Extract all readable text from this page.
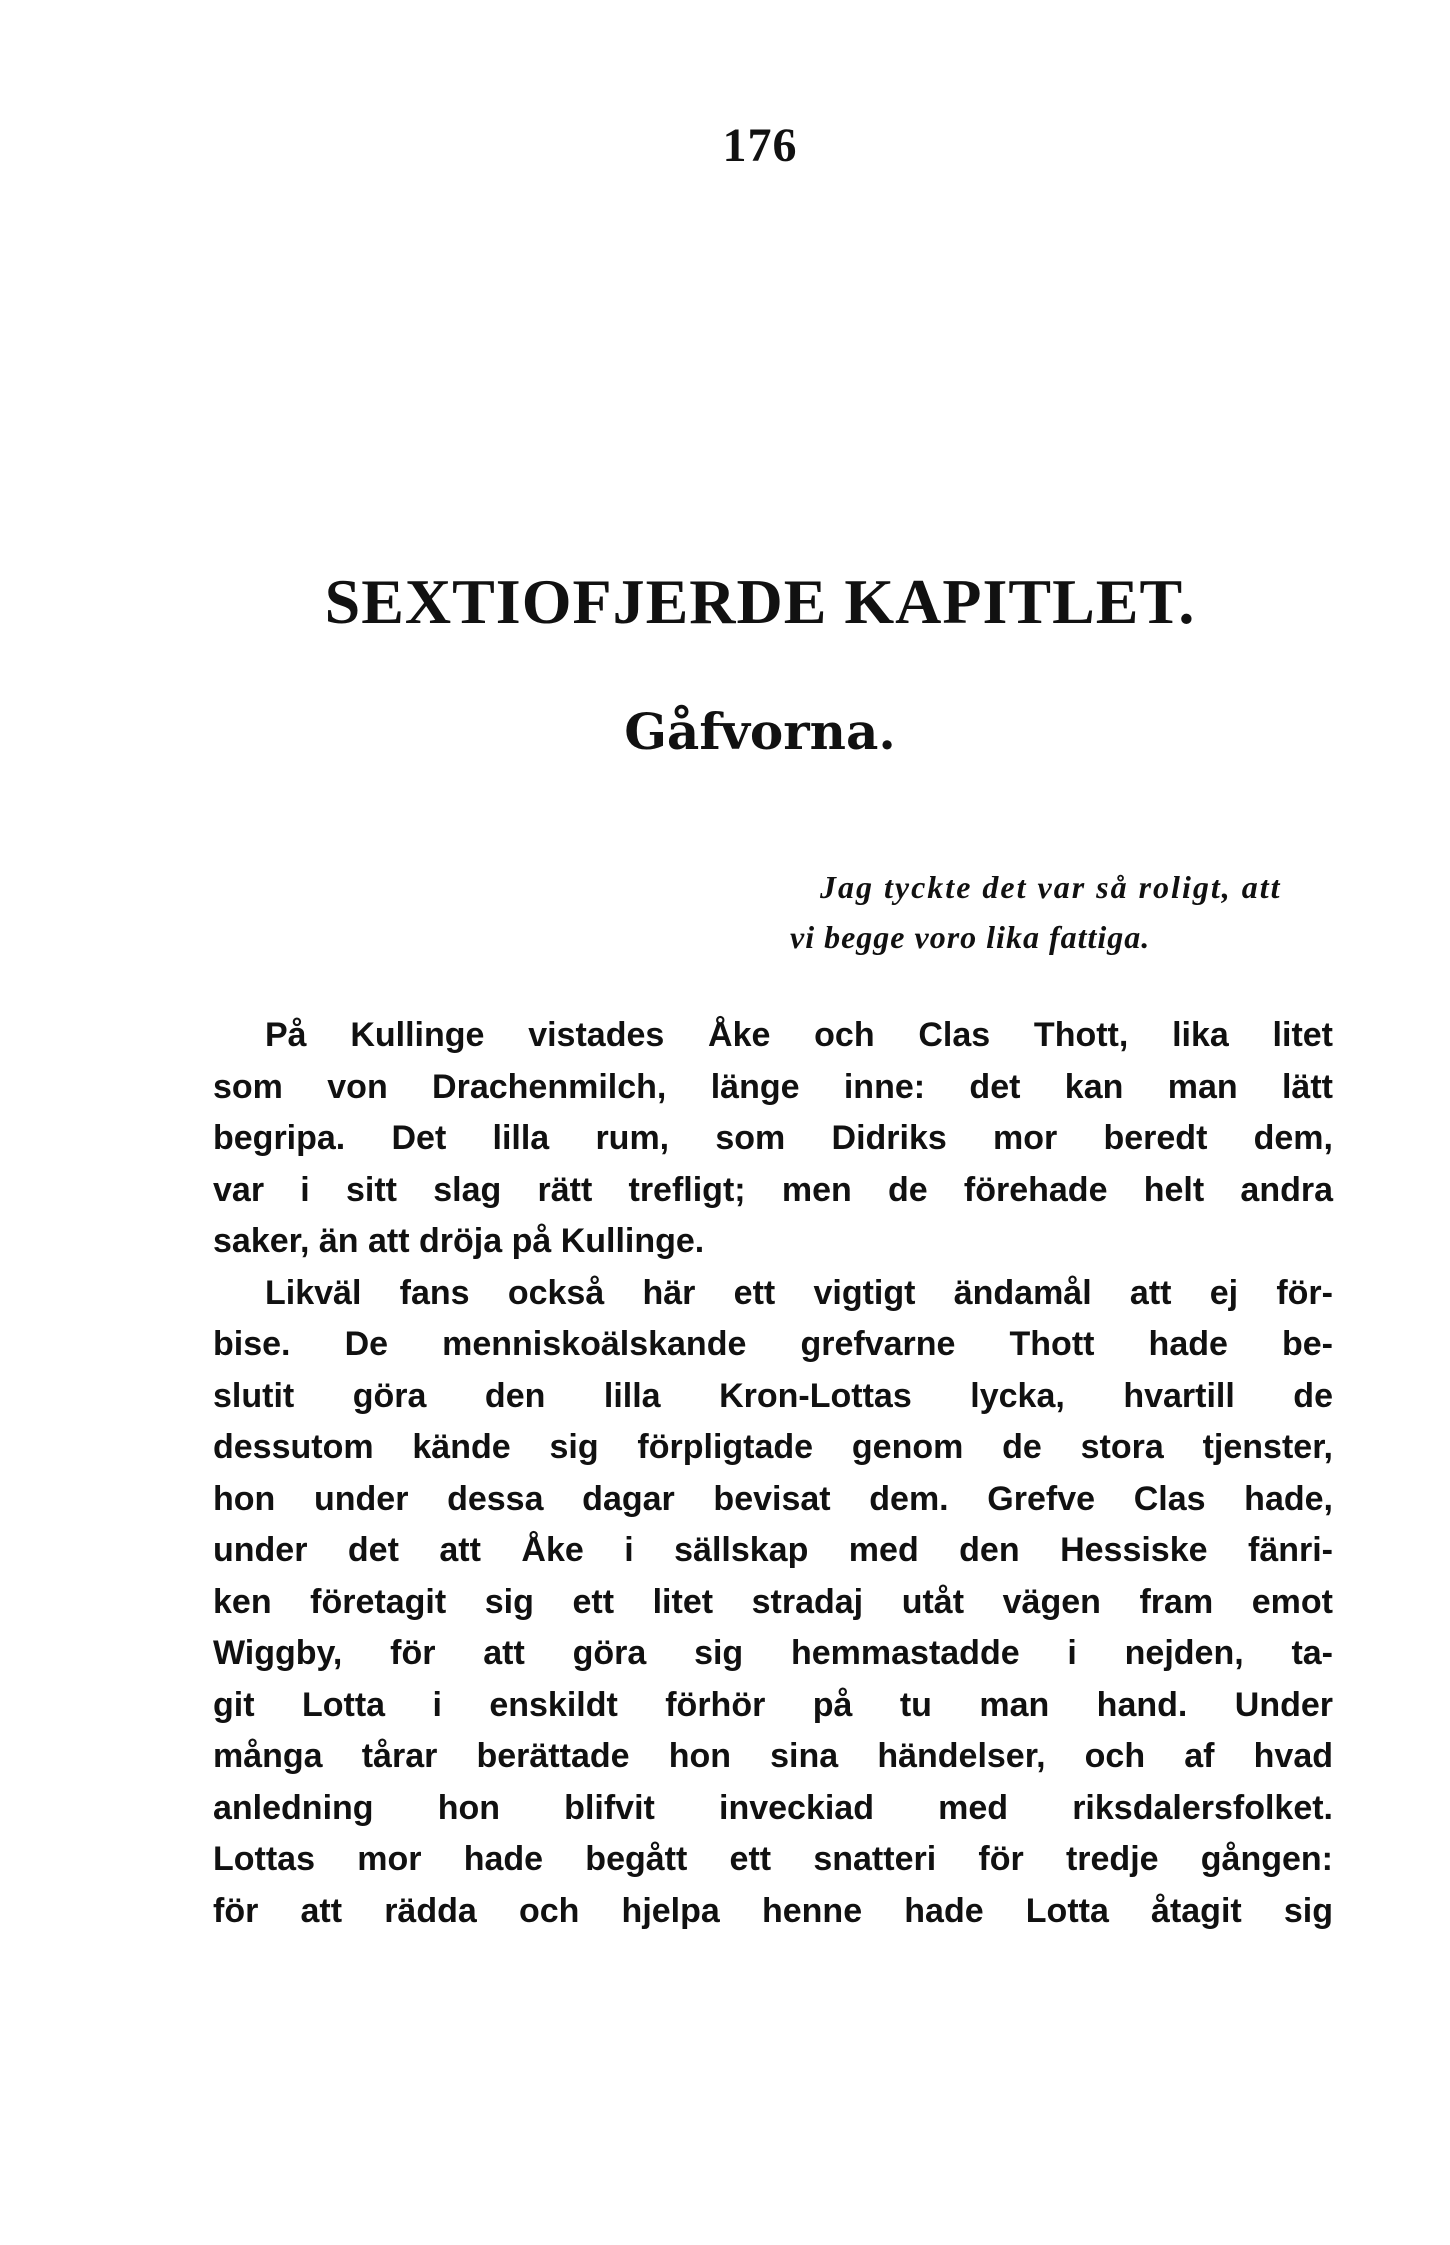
176
SEXTIOFJERDE KAPITLET.
Gåfvorna.
Jag tyckte det var så roligt, att
vi begge voro lika fattiga.
På Kullinge vistades Åke och Clas Thott, lika litet
som von Drachenmilch, länge inne: det kan man lätt
begripa. Det lilla rum, som Didriks mor beredt dem,
var i sitt slag rätt trefligt; men de förehade helt andra
saker, än att dröja på Kullinge.
Likväl fans också här ett vigtigt ändamål att ej för-
bise. De menniskoälskande grefvarne Thott hade be-
slutit göra den lilla Kron-Lottas lycka, hvartill de
dessutom kände sig förpligtade genom de stora tjenster,
hon under dessa dagar bevisat dem. Grefve Clas hade,
under det att Åke i sällskap med den Hessiske fänri-
ken företagit sig ett litet stradaj utåt vägen fram emot
Wiggby, för att göra sig hemmastadde i nejden, ta-
git Lotta i enskildt förhör på tu man hand. Under
många tårar berättade hon sina händelser, och af hvad
anledning hon blifvit inveckiad med riksdalersfolket.
Lottas mor hade begått ett snatteri för tredje gången:
för att rädda och hjelpa henne hade Lotta åtagit sig
